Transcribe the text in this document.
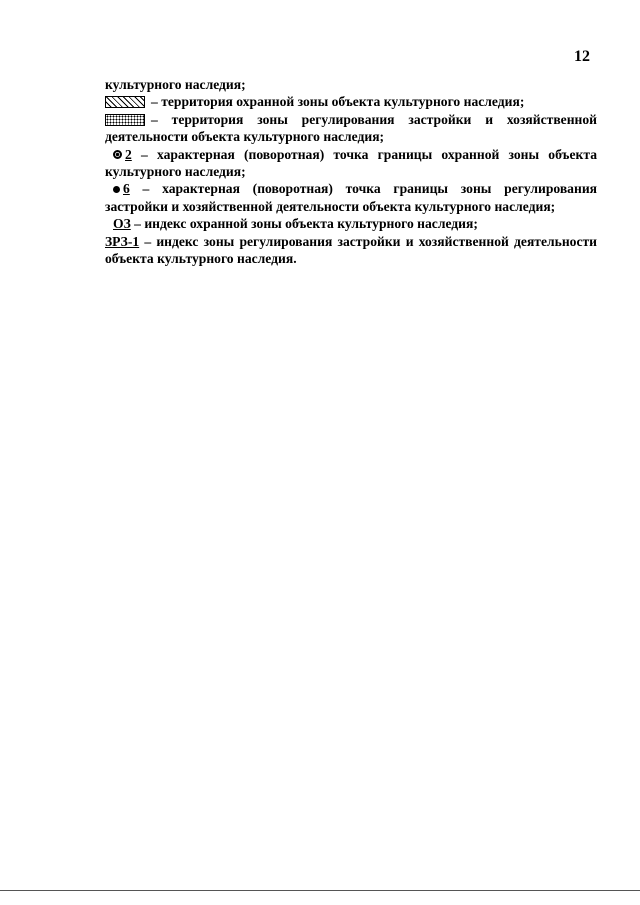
12
культурного наследия;
– территория охранной зоны объекта культурного наследия;
– территория зоны регулирования застройки и хозяйственной
деятельности объекта культурного наследия;
2 – характерная (поворотная) точка границы охранной зоны объекта
культурного наследия;
6 – характерная (поворотная) точка границы зоны регулирования
застройки и хозяйственной деятельности объекта культурного наследия;
ОЗ – индекс охранной зоны объекта культурного наследия;
ЗРЗ-1 – индекс зоны регулирования застройки и хозяйственной деятельности
объекта культурного наследия.
